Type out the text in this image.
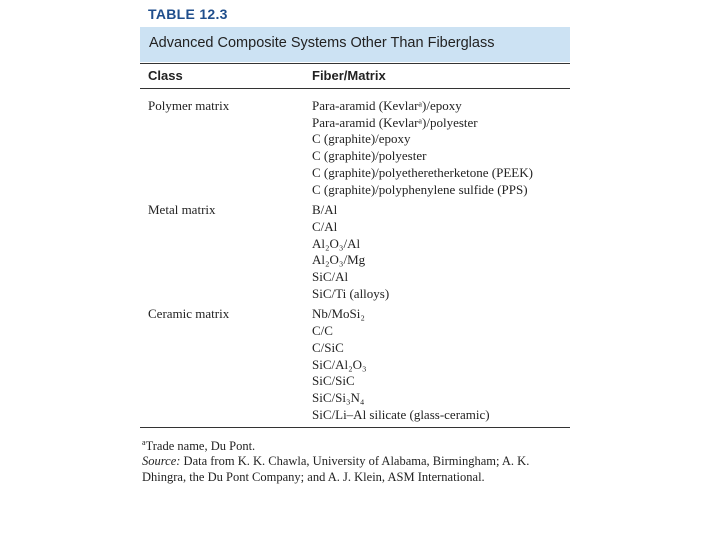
TABLE 12.3
Advanced Composite Systems Other Than Fiberglass
Class	Fiber/Matrix
Polymer matrix	Para-aramid (Kevlarᵃ)/epoxy
Para-aramid (Kevlarᵃ)/polyester
C (graphite)/epoxy
C (graphite)/polyester
C (graphite)/polyetheretherketone (PEEK)
C (graphite)/polyphenylene sulfide (PPS)
Metal matrix	B/Al
C/Al
Al₂O₃/Al
Al₂O₃/Mg
SiC/Al
SiC/Ti (alloys)
Ceramic matrix	Nb/MoSi₂
C/C
C/SiC
SiC/Al₂O₃
SiC/SiC
SiC/Si₃N₄
SiC/Li–Al silicate (glass-ceramic)
$^a$Trade name, Du Pont.
Source: Data from K. K. Chawla, University of Alabama, Birmingham; A. K.
Dhingra, the Du Pont Company; and A. J. Klein, ASM International.
